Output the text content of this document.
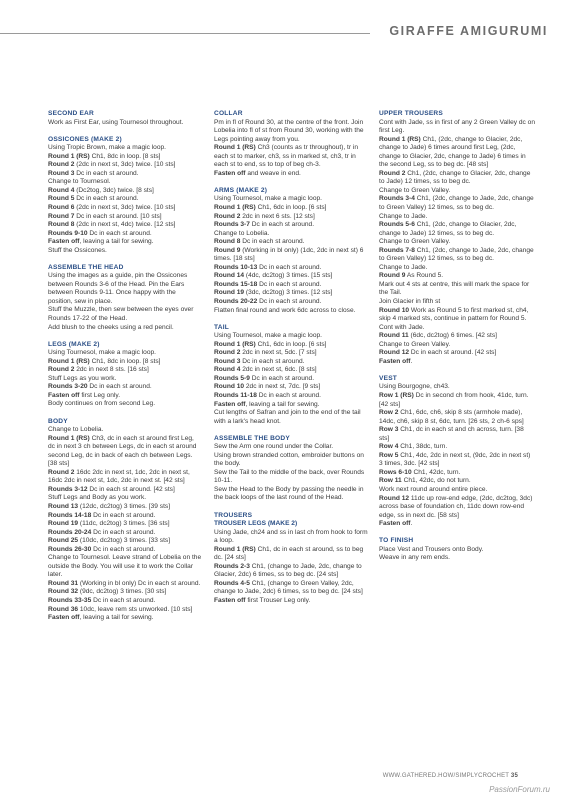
GIRAFFE AMIGURUMI
SECOND EAR
Work as First Ear, using Tournesol throughout.
OSSICONES (MAKE 2)
Using Tropic Brown, make a magic loop.
Round 1 (RS) Ch1, 8dc in loop. [8 sts]
Round 2 (2dc in next st, 3dc) twice. [10 sts]
Round 3 Dc in each st around.
Change to Tournesol.
Round 4 (Dc2tog, 3dc) twice. [8 sts]
Round 5 Dc in each st around.
Round 6 (2dc in next st, 3dc) twice. [10 sts]
Round 7 Dc in each st around. [10 sts]
Round 8 (2dc in next st, 4dc) twice. [12 sts]
Rounds 9-10 Dc in each st around.
Fasten off, leaving a tail for sewing.
Stuff the Ossicones.
ASSEMBLE THE HEAD
Using the images as a guide, pin the Ossicones between Rounds 3-6 of the Head. Pin the Ears between Rounds 9-11. Once happy with the position, sew in place.
Stuff the Muzzle, then sew between the eyes over Rounds 17-22 of the Head.
Add blush to the cheeks using a red pencil.
LEGS (MAKE 2)
Using Tournesol, make a magic loop.
Round 1 (RS) Ch1, 8dc in loop. [8 sts]
Round 2 2dc in next 8 sts. [16 sts]
Stuff Legs as you work.
Rounds 3-20 Dc in each st around.
Fasten off first Leg only.
Body continues on from second Leg.
BODY
Change to Lobelia.
Round 1 (RS) Ch3, dc in each st around first Leg, dc in next 3 ch between Legs, dc in each st around second Leg, dc in back of each ch between Legs. [38 sts]
Round 2 16dc 2dc in next st, 1dc, 2dc in next st, 16dc 2dc in next st, 1dc, 2dc in next st. [42 sts]
Rounds 3-12 Dc in each st around. [42 sts]
Stuff Legs and Body as you work.
Round 13 (12dc, dc2tog) 3 times. [39 sts]
Rounds 14-18 Dc in each st around.
Round 19 (11dc, dc2tog) 3 times. [36 sts]
Rounds 20-24 Dc in each st around.
Round 25 (10dc, dc2tog) 3 times. [33 sts]
Rounds 26-30 Dc in each st around.
Change to Tournesol. Leave strand of Lobelia on the outside the Body. You will use it to work the Collar later.
Round 31 (Working in bl only) Dc in each st around.
Round 32 (9dc, dc2tog) 3 times. [30 sts]
Rounds 33-35 Dc in each st around.
Round 36 10dc, leave rem sts unworked. [10 sts]
Fasten off, leaving a tail for sewing.
COLLAR
Pm in fl of Round 30, at the centre of the front. Join Lobelia into fl of st from Round 30, working with the Legs pointing away from you.
Round 1 (RS) Ch3 (counts as tr throughout), tr in each st to marker, ch3, ss in marked st, ch3, tr in each st to end, ss to top of beg ch-3.
Fasten off and weave in end.
ARMS (MAKE 2)
Using Tournesol, make a magic loop.
Round 1 (RS) Ch1, 6dc in loop. [6 sts]
Round 2 2dc in next 6 sts. [12 sts]
Rounds 3-7 Dc in each st around.
Change to Lobelia.
Round 8 Dc in each st around.
Round 9 (Working in bl only) (1dc, 2dc in next st) 6 times. [18 sts]
Rounds 10-13 Dc in each st around.
Round 14 (4dc, dc2tog) 3 times. [15 sts]
Rounds 15-18 Dc in each st around.
Round 19 (3dc, dc2tog) 3 times. [12 sts]
Rounds 20-22 Dc in each st around.
Flatten final round and work 6dc across to close.
TAIL
Using Tournesol, make a magic loop.
Round 1 (RS) Ch1, 6dc in loop. [6 sts]
Round 2 2dc in next st, 5dc. [7 sts]
Round 3 Dc in each st around.
Round 4 2dc in next st, 6dc. [8 sts]
Rounds 5-9 Dc in each st around.
Round 10 2dc in next st, 7dc. [9 sts]
Rounds 11-18 Dc in each st around.
Fasten off, leaving a tail for sewing.
Cut lengths of Safran and join to the end of the tail with a lark's head knot.
ASSEMBLE THE BODY
Sew the Arm one round under the Collar.
Using brown stranded cotton, embroider buttons on the body.
Sew the Tail to the middle of the back, over Rounds 10-11.
Sew the Head to the Body by passing the needle in the back loops of the last round of the Head.
TROUSERS
TROUSER LEGS (MAKE 2)
Using Jade, ch24 and ss in last ch from hook to form a loop.
Round 1 (RS) Ch1, dc in each st around, ss to beg dc. [24 sts]
Rounds 2-3 Ch1, (change to Jade, 2dc, change to Glacier, 2dc) 6 times, ss to beg dc. [24 sts]
Rounds 4-5 Ch1, (change to Green Valley, 2dc, change to Jade, 2dc) 6 times, ss to beg dc. [24 sts]
Fasten off first Trouser Leg only.
UPPER TROUSERS
Cont with Jade, ss in first of any 2 Green Valley dc on first Leg.
Round 1 (RS) Ch1, (2dc, change to Glacier, 2dc, change to Jade) 6 times around first Leg, (2dc, change to Glacier, 2dc, change to Jade) 6 times in the second Leg, ss to beg dc. [48 sts]
Round 2 Ch1, (2dc, change to Glacier, 2dc, change to Jade) 12 times, ss to beg dc.
Change to Green Valley.
Rounds 3-4 Ch1, (2dc, change to Jade, 2dc, change to Green Valley) 12 times, ss to beg dc.
Change to Jade.
Rounds 5-6 Ch1, (2dc, change to Glacier, 2dc, change to Jade) 12 times, ss to beg dc.
Change to Green Valley.
Rounds 7-8 Ch1, (2dc, change to Jade, 2dc, change to Green Valley) 12 times, ss to beg dc.
Change to Jade.
Round 9 As Round 5.
Mark out 4 sts at centre, this will mark the space for the Tail.
Join Glacier in fifth st
Round 10 Work as Round 5 to first marked st, ch4, skip 4 marked sts, continue in pattern for Round 5.
Cont with Jade.
Round 11 (6dc, dc2tog) 6 times. [42 sts]
Change to Green Valley.
Round 12 Dc in each st around. [42 sts]
Fasten off.
VEST
Using Bourgogne, ch43.
Row 1 (RS) Dc in second ch from hook, 41dc, turn. [42 sts]
Row 2 Ch1, 6dc, ch6, skip 8 sts (armhole made), 14dc, ch6, skip 8 st, 6dc, turn. [26 sts, 2 ch-6 sps]
Row 3 Ch1, dc in each st and ch across, turn. [38 sts]
Row 4 Ch1, 38dc, turn.
Row 5 Ch1, 4dc, 2dc in next st, (9dc, 2dc in next st) 3 times, 3dc. [42 sts]
Rows 6-10 Ch1, 42dc, turn.
Row 11 Ch1, 42dc, do not turn.
Work next round around entire piece.
Round 12 11dc up row-end edge, (2dc, dc2tog, 3dc) across base of foundation ch, 11dc down row-end edge, ss in next dc. [58 sts]
Fasten off.
TO FINISH
Place Vest and Trousers onto Body.
Weave in any rem ends.
WWW.GATHERED.HOW/SIMPLYCROCHET 35
PassionForum.ru
